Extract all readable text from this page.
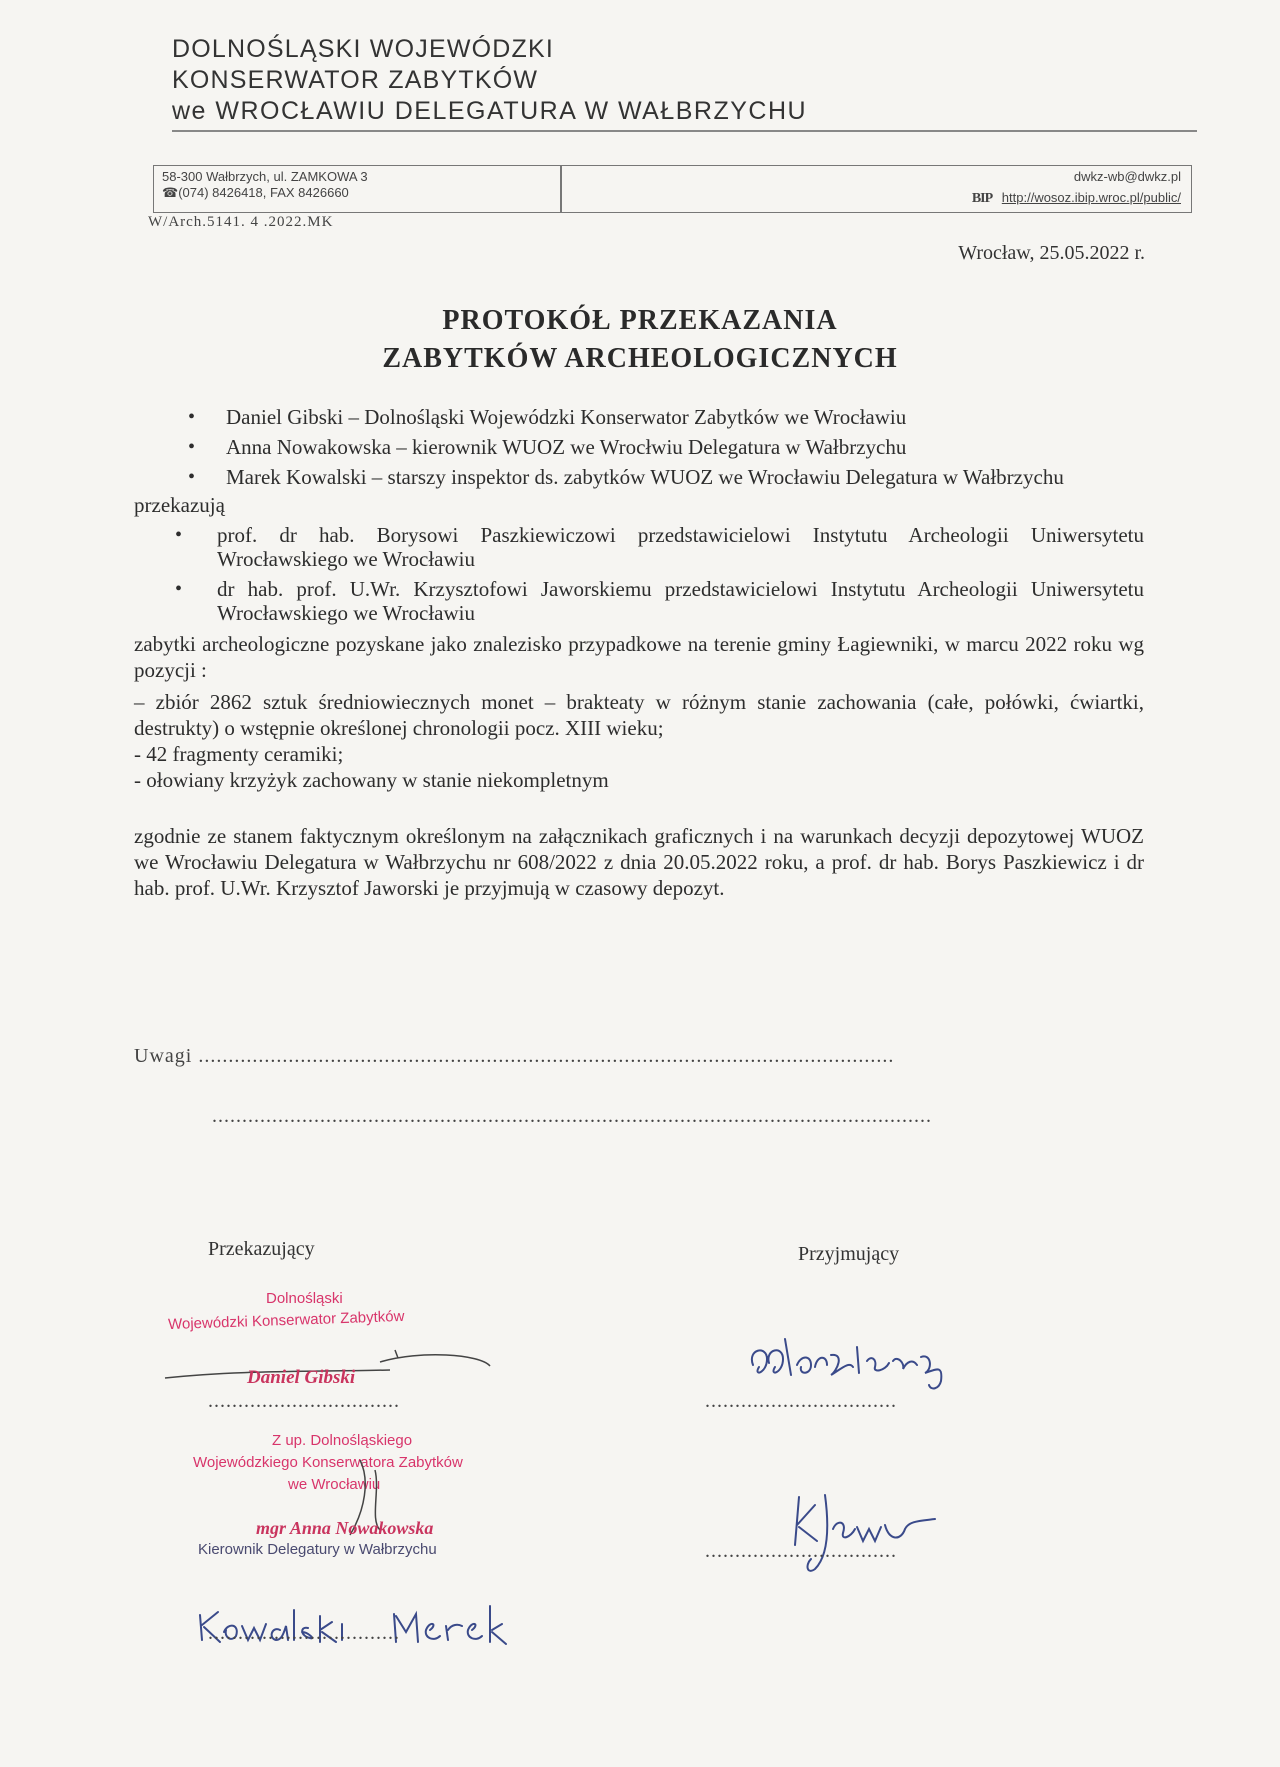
DOLNOŚLĄSKI WOJEWÓDZKI
KONSERWATOR ZABYTKÓW
we WROCŁAWIU DELEGATURA W WAŁBRZYCHU
58-300 Wałbrzych, ul. ZAMKOWA 3
☎(074) 8426418, FAX 8426660
dwkz-wb@dwkz.pl
BIP http://wosoz.ibip.wroc.pl/public/
W/Arch.5141. 4 .2022.MK
Wrocław, 25.05.2022 r.
PROTOKÓŁ PRZEKAZANIA
ZABYTKÓW ARCHEOLOGICZNYCH
• Daniel Gibski – Dolnośląski Wojewódzki Konserwator Zabytków we Wrocławiu
• Anna Nowakowska – kierownik WUOZ we Wrocłwiu Delegatura w Wałbrzychu
• Marek Kowalski – starszy inspektor ds. zabytków WUOZ we Wrocławiu Delegatura w Wałbrzychu
przekazują
• prof. dr hab. Borysowi Paszkiewiczowi przedstawicielowi Instytutu Archeologii Uniwersytetu Wrocławskiego we Wrocławiu
• dr hab. prof. U.Wr. Krzysztofowi Jaworskiemu przedstawicielowi Instytutu Archeologii Uniwersytetu Wrocławskiego we Wrocławiu

zabytki archeologiczne pozyskane jako znalezisko przypadkowe na terenie gminy Łagiewniki, w marcu 2022 roku wg pozycji :

– zbiór 2862 sztuk średniowiecznych monet – brakteaty w różnym stanie zachowania (całe, połówki, ćwiartki, destrukty) o wstępnie określonej chronologii pocz. XIII wieku;

- 42 fragmenty ceramiki;

- ołowiany krzyżyk zachowany w stanie niekompletnym

zgodnie ze stanem faktycznym określonym na załącznikach graficznych i na warunkach decyzji depozytowej WUOZ we Wrocławiu Delegatura w Wałbrzychu nr 608/2022 z dnia 20.05.2022 roku, a prof. dr hab. Borys Paszkiewicz i dr hab. prof. U.Wr. Krzysztof Jaworski je przyjmują w czasowy depozyt.

Uwagi ....................................................................................................................
........................................................................................................................
Przekazujący	Przyjmujący
Dolnośląski
Wojewódzki Konserwator Zabytków
Daniel Gibski
................................
Z up. Dolnośląskiego
Wojewódzkiego Konserwatora Zabytków
we Wrocławiu
mgr Anna Nowakowska
Kierownik Delegatury w Wałbrzychu
................................
................................
................................
